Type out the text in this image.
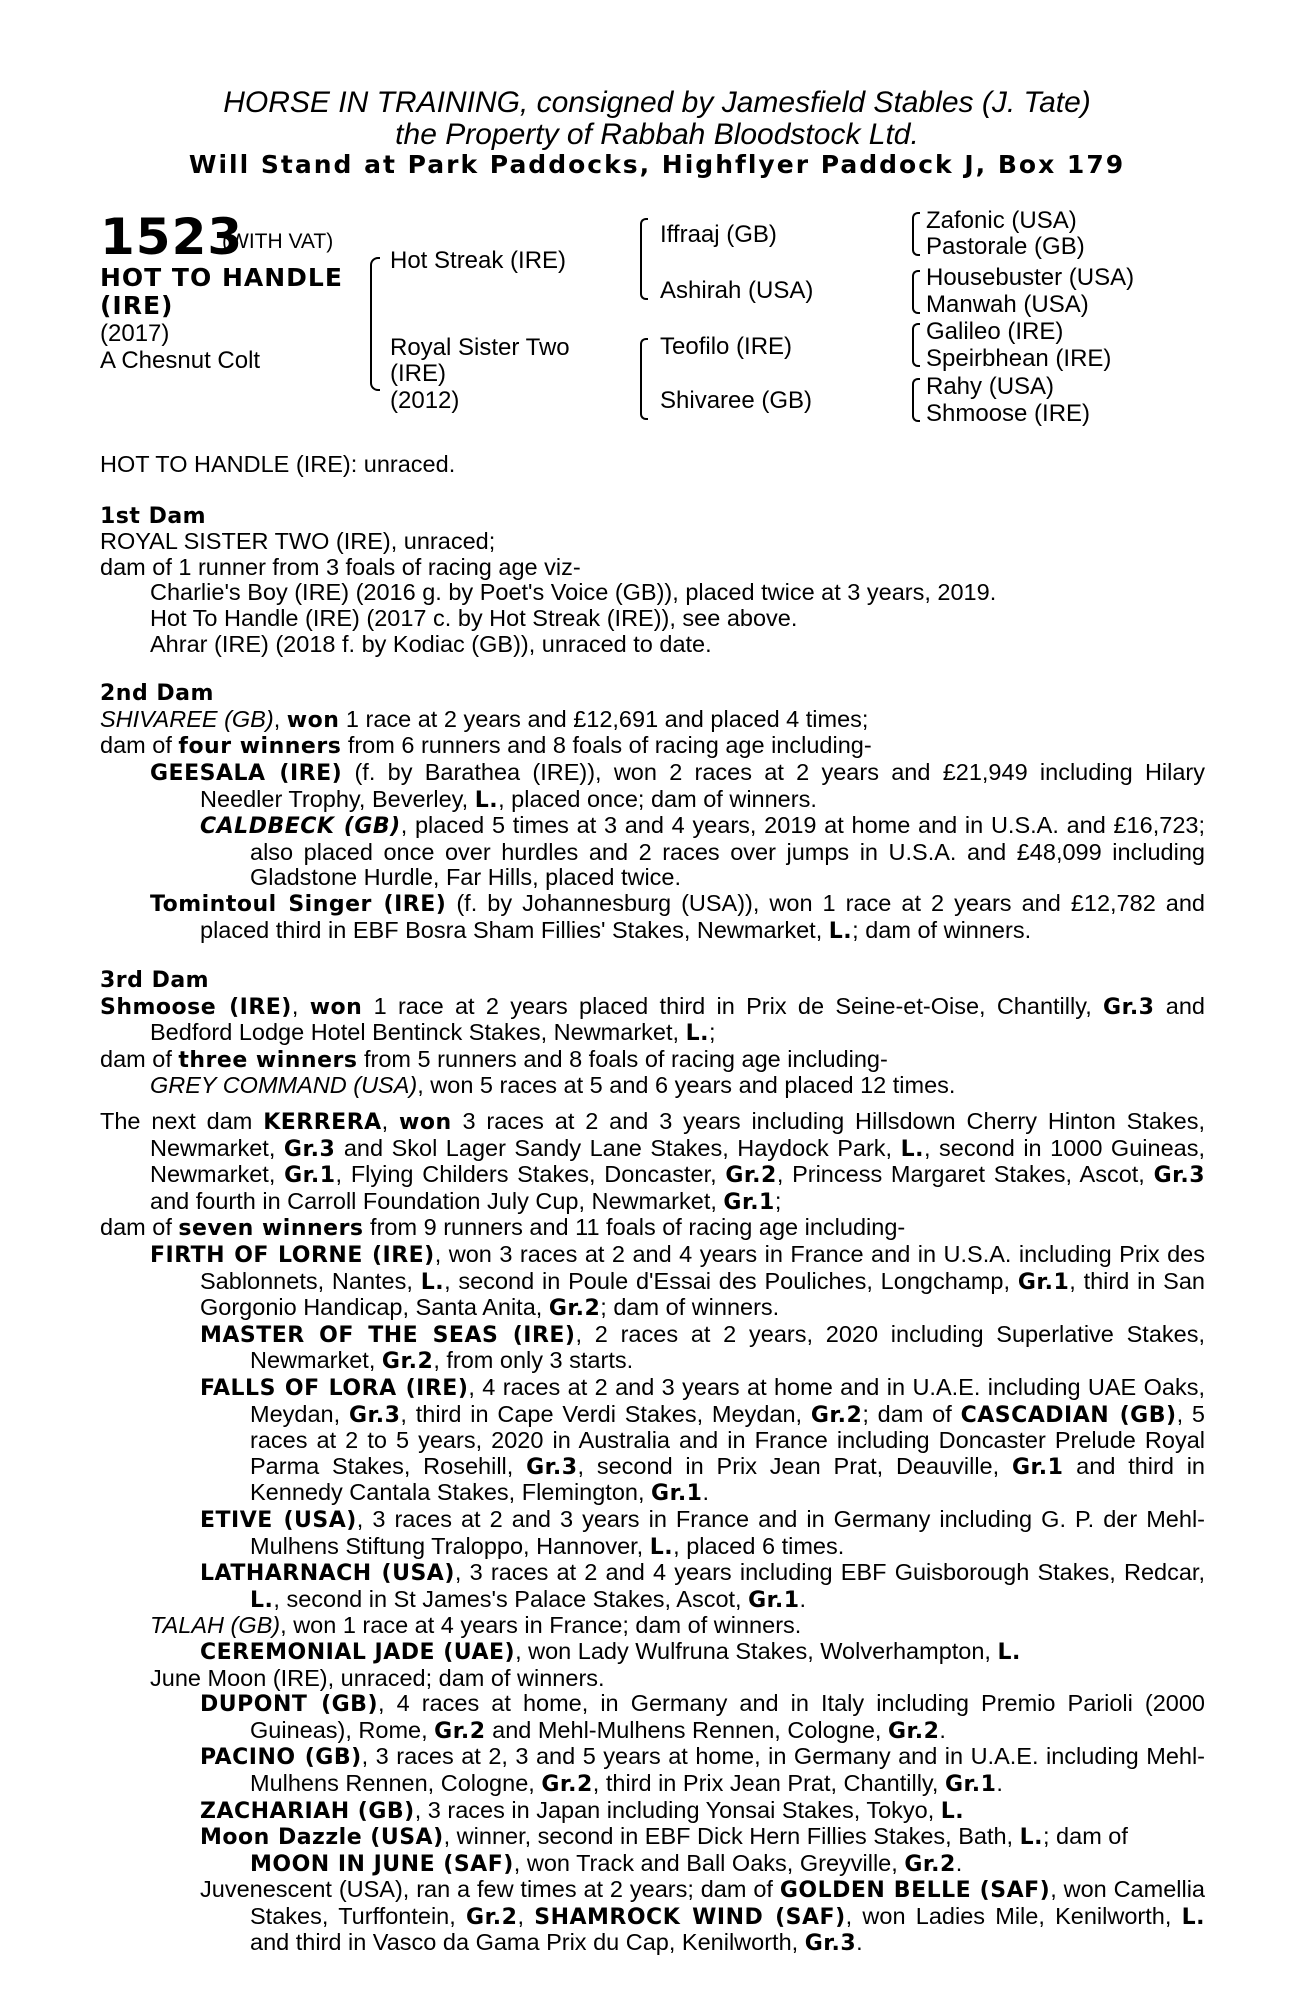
HORSE IN TRAINING, consigned by Jamesfield Stables (J. Tate)
the Property of Rabbah Bloodstock Ltd.
Will Stand at Park Paddocks, Highflyer Paddock J, Box 179
1523
(WITH VAT)
HOT TO HANDLE
(IRE)
(2017)
A Chesnut Colt
Hot Streak (IRE)
Royal Sister Two
(IRE)
(2012)
Iffraaj (GB)
Ashirah (USA)
Teofilo (IRE)
Shivaree (GB)
Zafonic (USA)
Pastorale (GB)
Housebuster (USA)
Manwah (USA)
Galileo (IRE)
Speirbhean (IRE)
Rahy (USA)
Shmoose (IRE)

HOT TO HANDLE (IRE): unraced.

1st Dam

ROYAL SISTER TWO (IRE), unraced;

dam of 1 runner from 3 foals of racing age viz-

Charlie's Boy (IRE) (2016 g. by Poet's Voice (GB)), placed twice at 3 years, 2019.

Hot To Handle (IRE) (2017 c. by Hot Streak (IRE)), see above.

Ahrar (IRE) (2018 f. by Kodiac (GB)), unraced to date.

2nd Dam

SHIVAREE (GB), won 1 race at 2 years and £12,691 and placed 4 times;

dam of four winners from 6 runners and 8 foals of racing age including-

GEESALA (IRE) (f. by Barathea (IRE)), won 2 races at 2 years and £21,949 including Hilary Needler Trophy, Beverley, L., placed once; dam of winners.

CALDBECK (GB), placed 5 times at 3 and 4 years, 2019 at home and in U.S.A. and £16,723; also placed once over hurdles and 2 races over jumps in U.S.A. and £48,099 including Gladstone Hurdle, Far Hills, placed twice.

Tomintoul Singer (IRE) (f. by Johannesburg (USA)), won 1 race at 2 years and £12,782 and placed third in EBF Bosra Sham Fillies' Stakes, Newmarket, L.; dam of winners.

3rd Dam

Shmoose (IRE), won 1 race at 2 years placed third in Prix de Seine-et-Oise, Chantilly, Gr.3 and Bedford Lodge Hotel Bentinck Stakes, Newmarket, L.;

dam of three winners from 5 runners and 8 foals of racing age including-

GREY COMMAND (USA), won 5 races at 5 and 6 years and placed 12 times.

The next dam KERRERA, won 3 races at 2 and 3 years including Hillsdown Cherry Hinton Stakes, Newmarket, Gr.3 and Skol Lager Sandy Lane Stakes, Haydock Park, L., second in 1000 Guineas, Newmarket, Gr.1, Flying Childers Stakes, Doncaster, Gr.2, Princess Margaret Stakes, Ascot, Gr.3 and fourth in Carroll Foundation July Cup, Newmarket, Gr.1;

dam of seven winners from 9 runners and 11 foals of racing age including-

FIRTH OF LORNE (IRE), won 3 races at 2 and 4 years in France and in U.S.A. including Prix des Sablonnets, Nantes, L., second in Poule d'Essai des Pouliches, Longchamp, Gr.1, third in San Gorgonio Handicap, Santa Anita, Gr.2; dam of winners.

MASTER OF THE SEAS (IRE), 2 races at 2 years, 2020 including Superlative Stakes, Newmarket, Gr.2, from only 3 starts.

FALLS OF LORA (IRE), 4 races at 2 and 3 years at home and in U.A.E. including UAE Oaks, Meydan, Gr.3, third in Cape Verdi Stakes, Meydan, Gr.2; dam of CASCADIAN (GB), 5 races at 2 to 5 years, 2020 in Australia and in France including Doncaster Prelude Royal Parma Stakes, Rosehill, Gr.3, second in Prix Jean Prat, Deauville, Gr.1 and third in Kennedy Cantala Stakes, Flemington, Gr.1.

ETIVE (USA), 3 races at 2 and 3 years in France and in Germany including G. P. der Mehl-Mulhens Stiftung Traloppo, Hannover, L., placed 6 times.

LATHARNACH (USA), 3 races at 2 and 4 years including EBF Guisborough Stakes, Redcar, L., second in St James's Palace Stakes, Ascot, Gr.1.

TALAH (GB), won 1 race at 4 years in France; dam of winners.

CEREMONIAL JADE (UAE), won Lady Wulfruna Stakes, Wolverhampton, L.

June Moon (IRE), unraced; dam of winners.

DUPONT (GB), 4 races at home, in Germany and in Italy including Premio Parioli (2000 Guineas), Rome, Gr.2 and Mehl-Mulhens Rennen, Cologne, Gr.2.

PACINO (GB), 3 races at 2, 3 and 5 years at home, in Germany and in U.A.E. including Mehl-Mulhens Rennen, Cologne, Gr.2, third in Prix Jean Prat, Chantilly, Gr.1.

ZACHARIAH (GB), 3 races in Japan including Yonsai Stakes, Tokyo, L.

Moon Dazzle (USA), winner, second in EBF Dick Hern Fillies Stakes, Bath, L.; dam of
MOON IN JUNE (SAF), won Track and Ball Oaks, Greyville, Gr.2.

Juvenescent (USA), ran a few times at 2 years; dam of GOLDEN BELLE (SAF), won Camellia Stakes, Turffontein, Gr.2, SHAMROCK WIND (SAF), won Ladies Mile, Kenilworth, L. and third in Vasco da Gama Prix du Cap, Kenilworth, Gr.3.
